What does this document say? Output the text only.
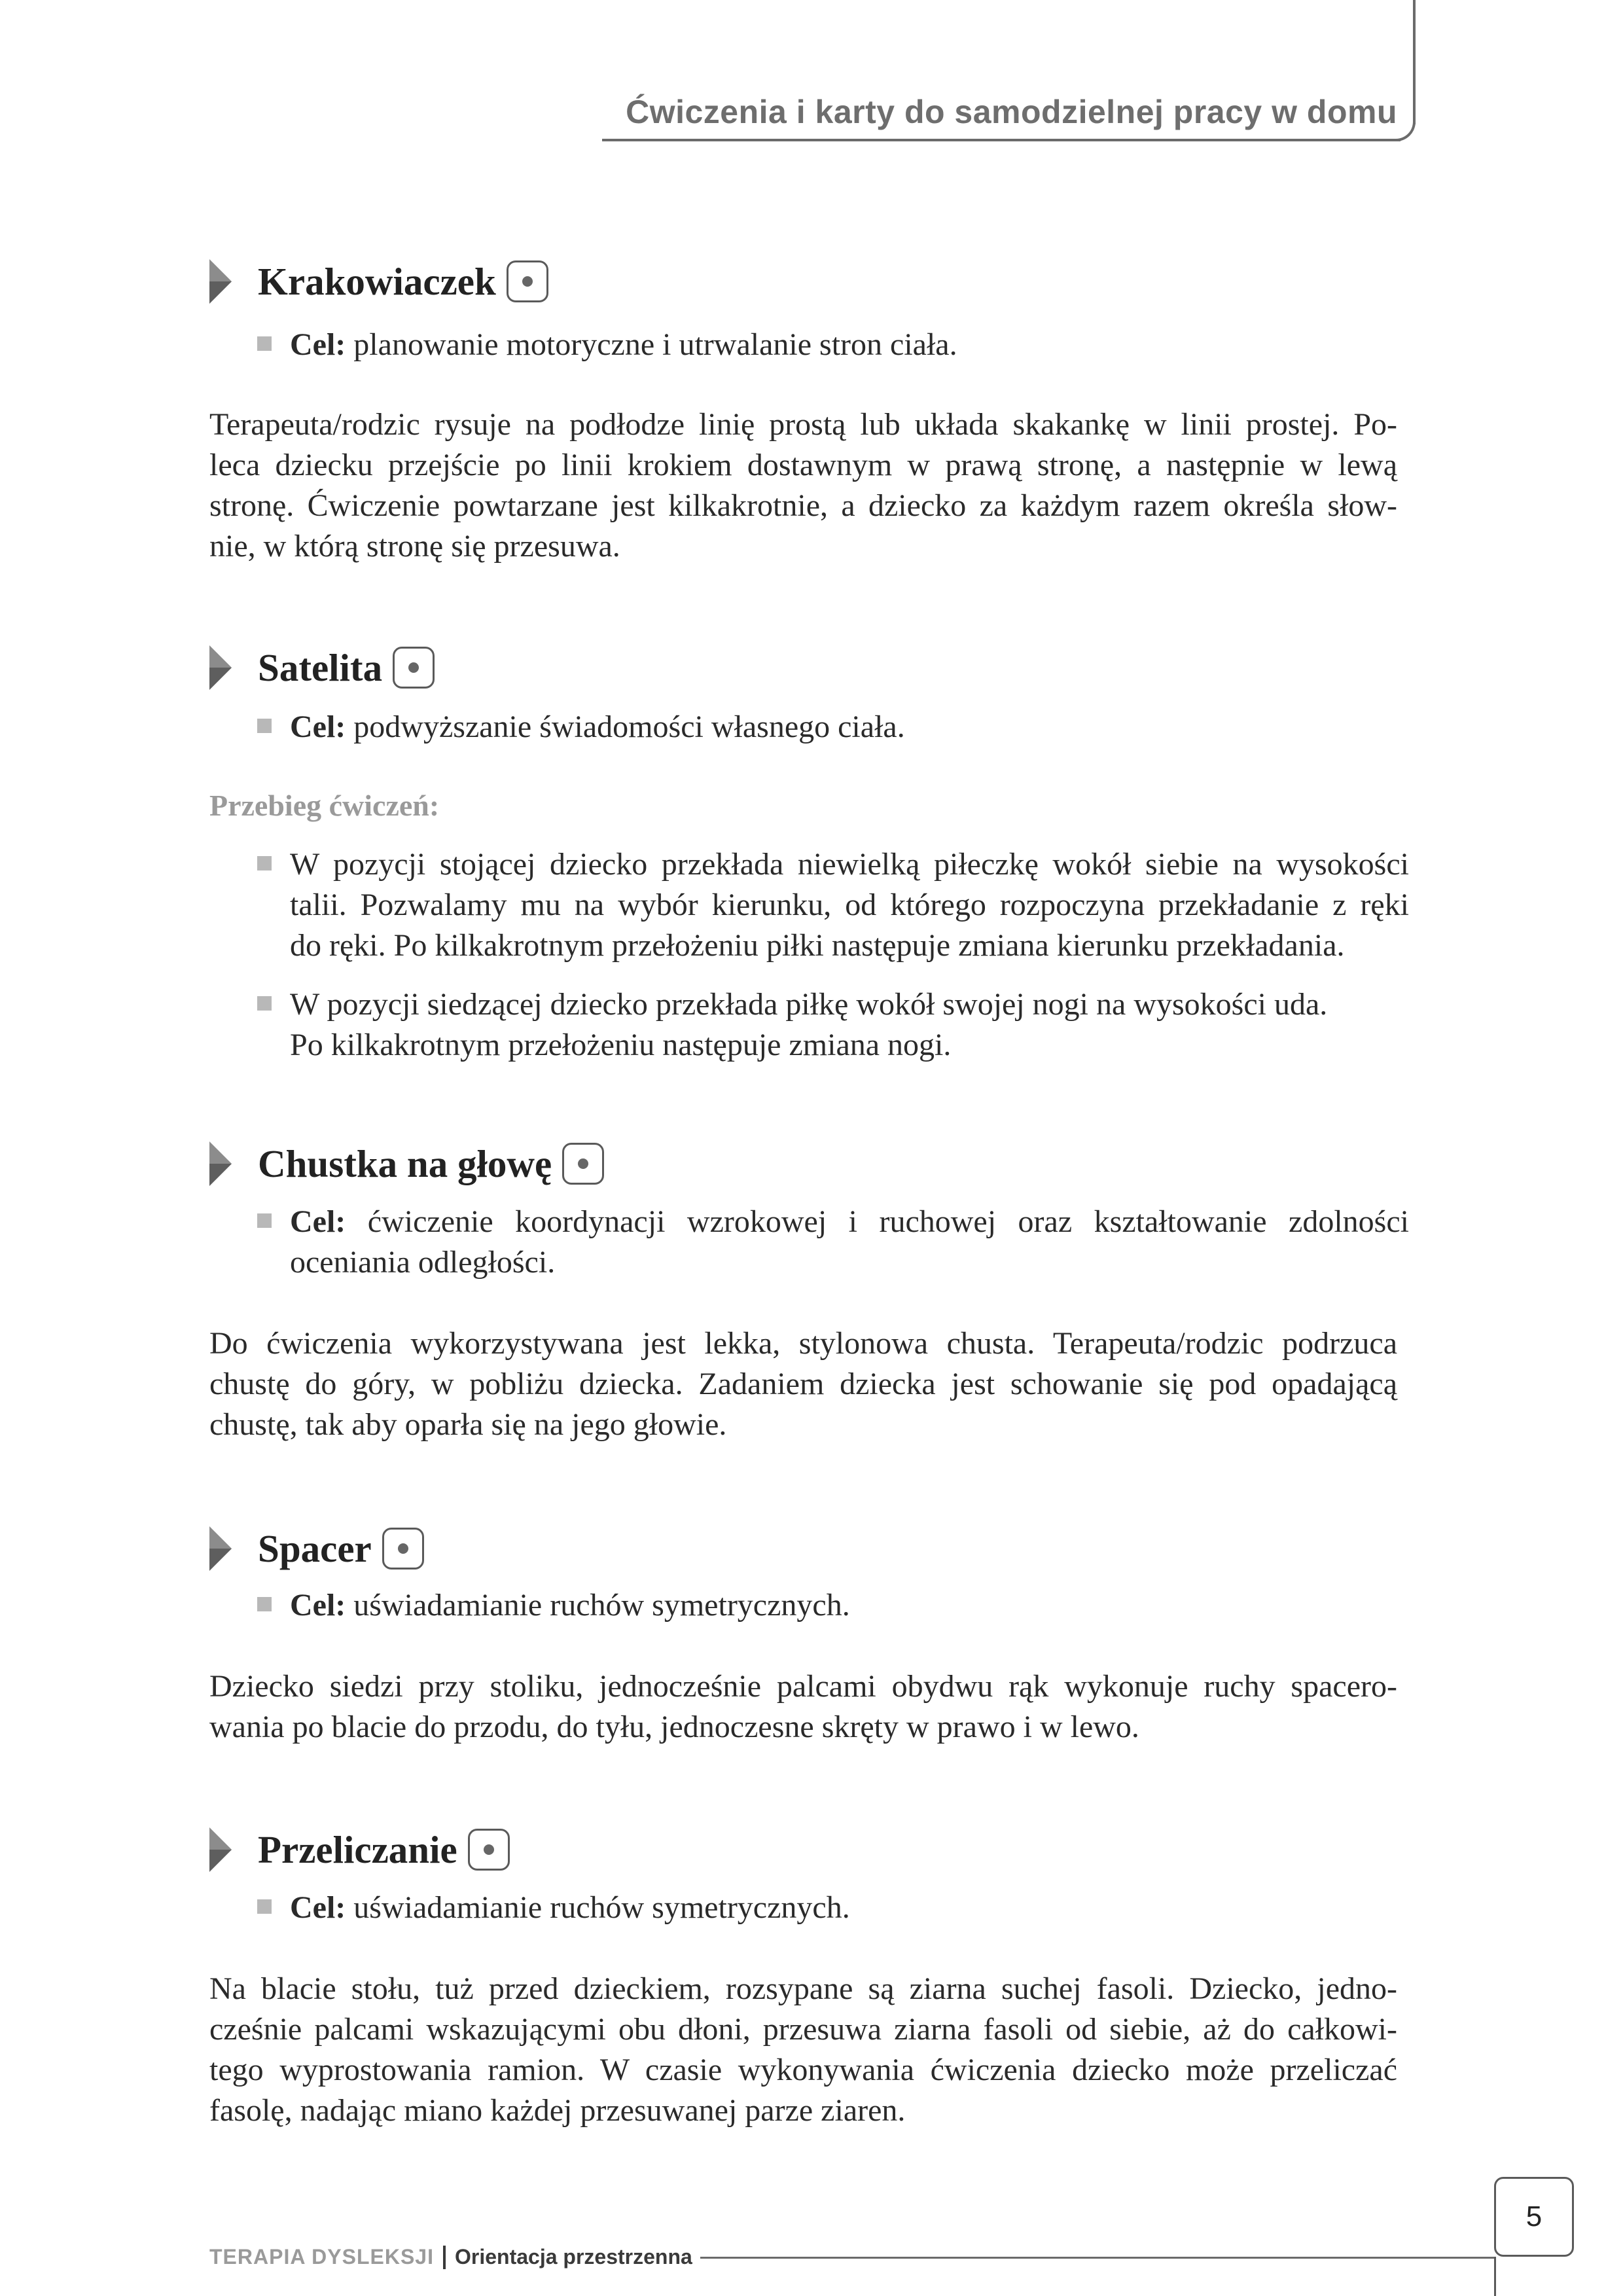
Ćwiczenia i karty do samodzielnej pracy w domu
Krakowiaczek
Cel: planowanie motoryczne i utrwalanie stron ciała.
Terapeuta/rodzic rysuje na podłodze linię prostą lub układa skakankę w linii prostej. Po-
leca dziecku przejście po linii krokiem dostawnym w prawą stronę, a następnie w lewą
stronę. Ćwiczenie powtarzane jest kilkakrotnie, a dziecko za każdym razem określa słow-
nie, w którą stronę się przesuwa.
Satelita
Cel: podwyższanie świadomości własnego ciała.
Przebieg ćwiczeń:
W pozycji stojącej dziecko przekłada niewielką piłeczkę wokół siebie na wysokości
talii. Pozwalamy mu na wybór kierunku, od którego rozpoczyna przekładanie z ręki
do ręki. Po kilkakrotnym przełożeniu piłki następuje zmiana kierunku przekładania.
W pozycji siedzącej dziecko przekłada piłkę wokół swojej nogi na wysokości uda.
Po kilkakrotnym przełożeniu następuje zmiana nogi.
Chustka na głowę
Cel: ćwiczenie koordynacji wzrokowej i ruchowej oraz kształtowanie zdolności
oceniania odległości.
Do ćwiczenia wykorzystywana jest lekka, stylonowa chusta. Terapeuta/rodzic podrzuca
chustę do góry, w pobliżu dziecka. Zadaniem dziecka jest schowanie się pod opadającą
chustę, tak aby oparła się na jego głowie.
Spacer
Cel: uświadamianie ruchów symetrycznych.
Dziecko siedzi przy stoliku, jednocześnie palcami obydwu rąk wykonuje ruchy spacero-
wania po blacie do przodu, do tyłu, jednoczesne skręty w prawo i w lewo.
Przeliczanie
Cel: uświadamianie ruchów symetrycznych.
Na blacie stołu, tuż przed dzieckiem, rozsypane są ziarna suchej fasoli. Dziecko, jedno-
cześnie palcami wskazującymi obu dłoni, przesuwa ziarna fasoli od siebie, aż do całkowi-
tego wyprostowania ramion. W czasie wykonywania ćwiczenia dziecko może przeliczać
fasolę, nadając miano każdej przesuwanej parze ziaren.
TERAPIA DYSLEKSJI Orientacja przestrzenna
5
